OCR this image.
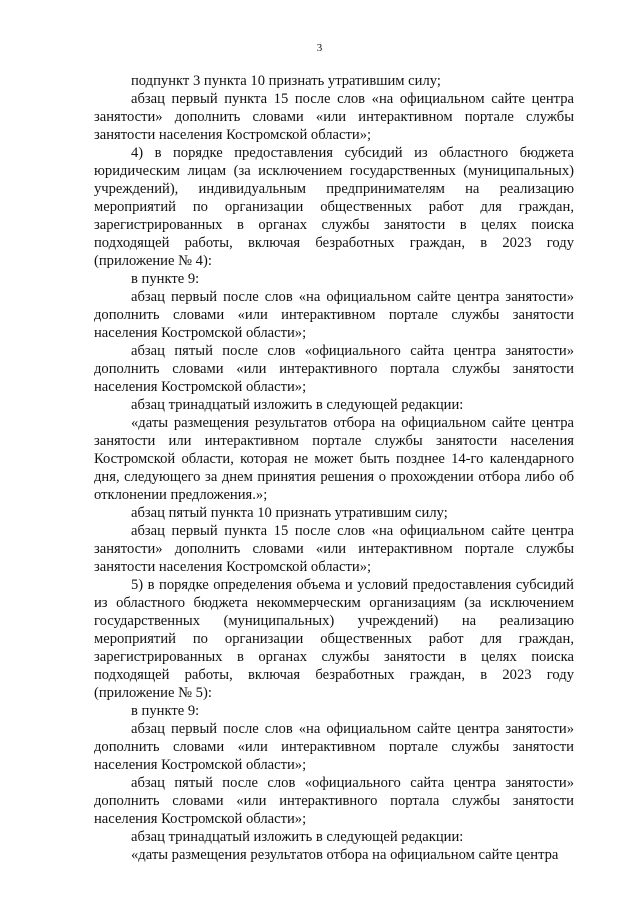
3

подпункт 3 пункта 10 признать утратившим силу;

абзац первый пункта 15 после слов «на официальном сайте центра занятости» дополнить словами «или интерактивном портале службы занятости населения Костромской области»;

4) в порядке предоставления субсидий из областного бюджета юридическим лицам (за исключением государственных (муниципальных) учреждений), индивидуальным предпринимателям на реализацию мероприятий по организации общественных работ для граждан, зарегистрированных в органах службы занятости в целях поиска подходящей работы, включая безработных граждан, в 2023 году (приложение № 4):

в пункте 9:

абзац первый после слов «на официальном сайте центра занятости» дополнить словами «или интерактивном портале службы занятости населения Костромской области»;

абзац пятый после слов «официального сайта центра занятости» дополнить словами «или интерактивного портала службы занятости населения Костромской области»;

абзац тринадцатый изложить в следующей редакции:

«даты размещения результатов отбора на официальном сайте центра занятости или интерактивном портале службы занятости населения Костромской области, которая не может быть позднее 14-го календарного дня, следующего за днем принятия решения о прохождении отбора либо об отклонении предложения.»;

абзац пятый пункта 10 признать утратившим силу;

абзац первый пункта 15 после слов «на официальном сайте центра занятости» дополнить словами «или интерактивном портале службы занятости населения Костромской области»;

5) в порядке определения объема и условий предоставления субсидий из областного бюджета некоммерческим организациям (за исключением государственных (муниципальных) учреждений) на реализацию мероприятий по организации общественных работ для граждан, зарегистрированных в органах службы занятости в целях поиска подходящей работы, включая безработных граждан, в 2023 году (приложение № 5):

в пункте 9:

абзац первый после слов «на официальном сайте центра занятости» дополнить словами «или интерактивном портале службы занятости населения Костромской области»;

абзац пятый после слов «официального сайта центра занятости» дополнить словами «или интерактивного портала службы занятости населения Костромской области»;

абзац тринадцатый изложить в следующей редакции:

«даты размещения результатов отбора на официальном сайте центра
